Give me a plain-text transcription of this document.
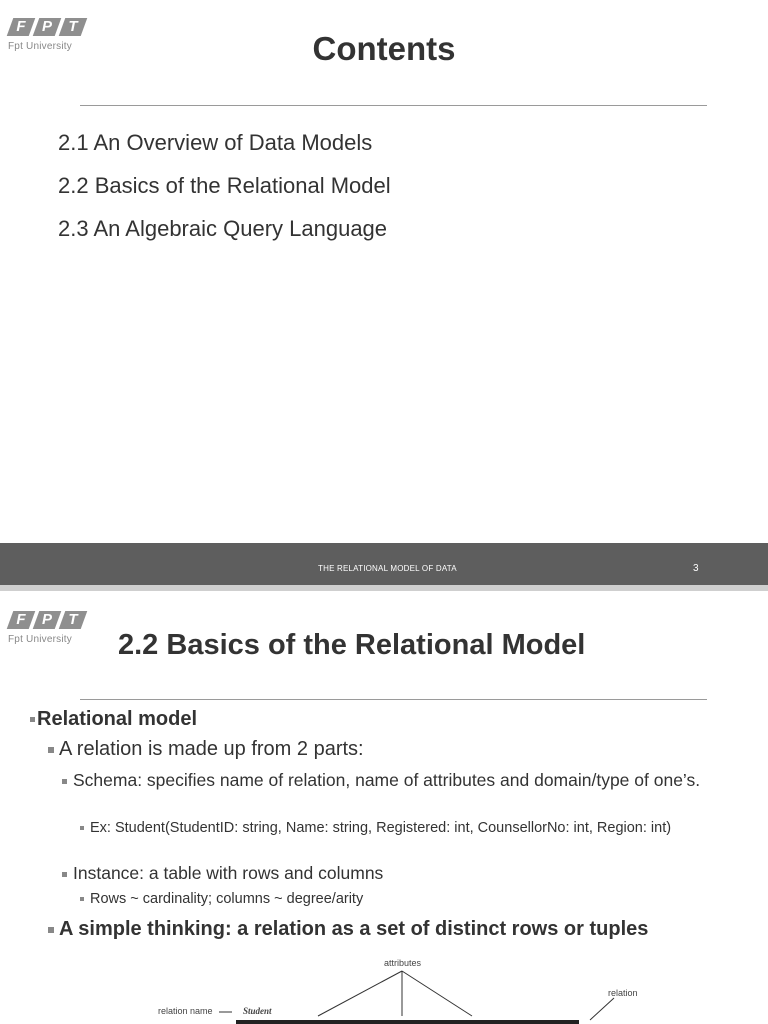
F	P	T
Fpt University	Contents
2.1 An Overview of Data Models
2.2 Basics of the Relational Model
2.3 An Algebraic Query Language
THE RELATIONAL MODEL OF DATA	3
F	P	T
Fpt University	2.2 Basics of the Relational Model
Relational model
A relation is made up from 2 parts:
Schema: specifies name of relation, name of attributes and domain/type of one’s.
Ex: Student(StudentID: string, Name: string, Registered: int, CounsellorNo: int, Region: int)
Instance: a table with rows and columns
Rows ~ cardinality; columns ~ degree/arity
A simple thinking: a relation as a set of distinct rows or tuples
attributes
relation
relation name	Student
